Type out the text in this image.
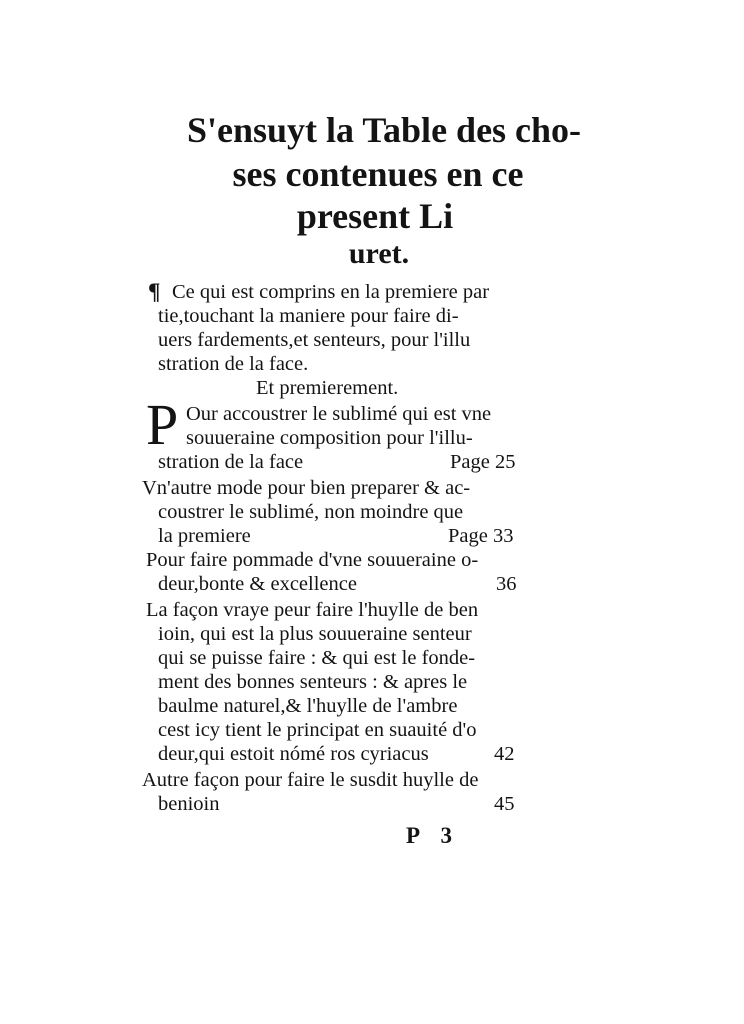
S'ensuyt la Table des cho-
ses contenues en ce
present Li
uret.
¶ Ce qui est comprins en la premiere par
tie,touchant la maniere pour faire di-
uers fardements,et senteurs, pour l'illu
stration de la face.
Et premierement.
P Our accoustrer le sublimé qui est vne
souueraine composition pour l'illu-
stration de la face	Page 25
Vn'autre mode pour bien preparer & ac-
coustrer le sublimé, non moindre que
la premiere	Page 33
Pour faire pommade d'vne souueraine o-
deur,bonte & excellence	36
La façon vraye peur faire l'huylle de ben
ioin, qui est la plus souueraine senteur
qui se puisse faire : & qui est le fonde-
ment des bonnes senteurs : & apres le
baulme naturel,& l'huylle de l'ambre
cest icy tient le principat en suauité d'o
deur,qui estoit nómé ros cyriacus	42
Autre façon pour faire le susdit huylle de
benioin	45
P 3
